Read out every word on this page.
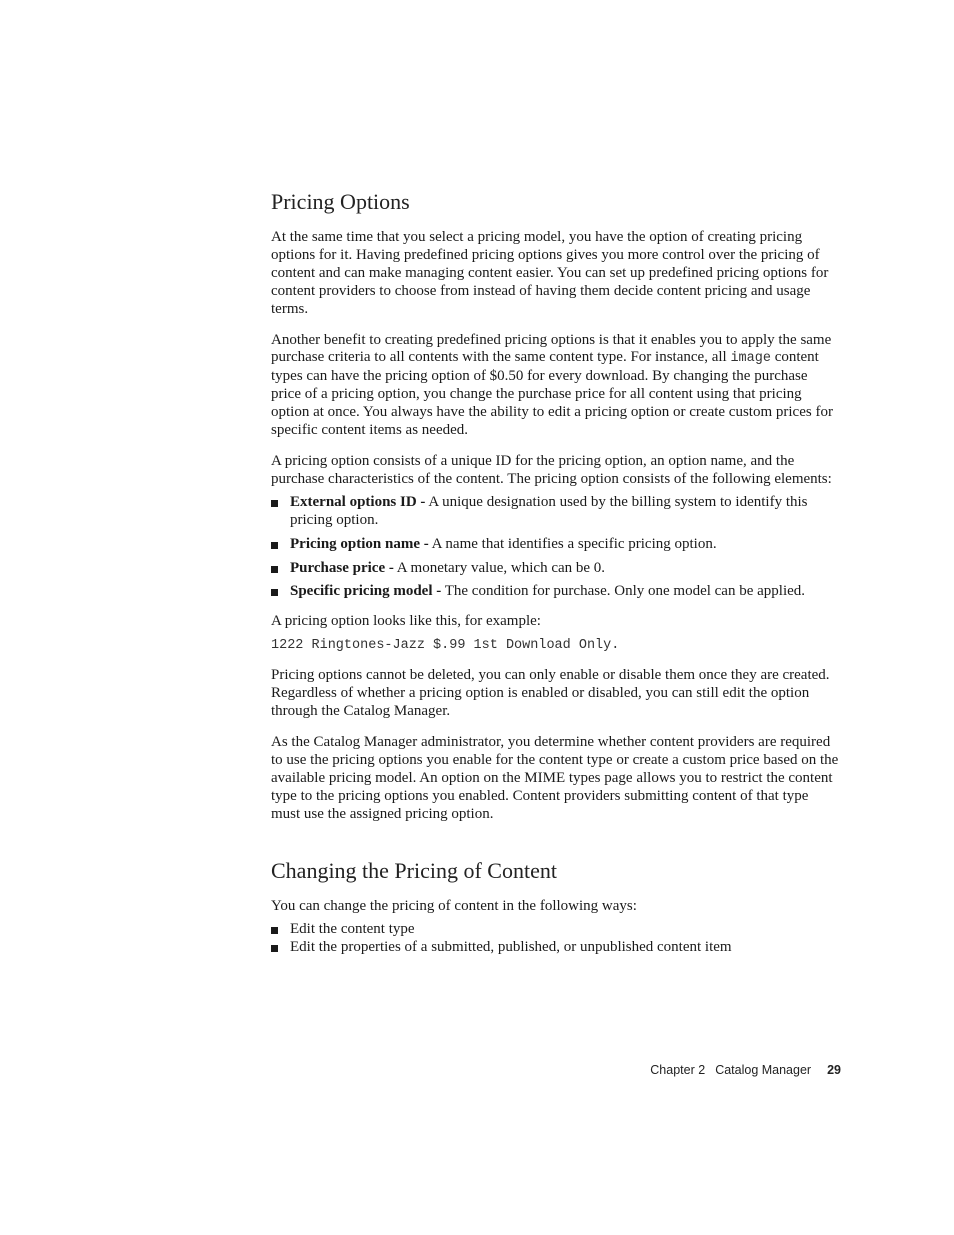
Pricing Options

At the same time that you select a pricing model, you have the option of creating pricing options for it. Having predefined pricing options gives you more control over the pricing of content and can make managing content easier. You can set up predefined pricing options for content providers to choose from instead of having them decide content pricing and usage terms.

Another benefit to creating predefined pricing options is that it enables you to apply the same purchase criteria to all contents with the same content type. For instance, all image content types can have the pricing option of $0.50 for every download. By changing the purchase price of a pricing option, you change the purchase price for all content using that pricing option at once. You always have the ability to edit a pricing option or create custom prices for specific content items as needed.

A pricing option consists of a unique ID for the pricing option, an option name, and the purchase characteristics of the content. The pricing option consists of the following elements:

External options ID - A unique designation used by the billing system to identify this pricing option.
Pricing option name - A name that identifies a specific pricing option.
Purchase price - A monetary value, which can be 0.
Specific pricing model - The condition for purchase. Only one model can be applied.

A pricing option looks like this, for example:

1222 Ringtones-Jazz $.99 1st Download Only.

Pricing options cannot be deleted, you can only enable or disable them once they are created. Regardless of whether a pricing option is enabled or disabled, you can still edit the option through the Catalog Manager.

As the Catalog Manager administrator, you determine whether content providers are required to use the pricing options you enable for the content type or create a custom price based on the available pricing model. An option on the MIME types page allows you to restrict the content type to the pricing options you enabled. Content providers submitting content of that type must use the assigned pricing option.

Changing the Pricing of Content

You can change the pricing of content in the following ways:

Edit the content type
Edit the properties of a submitted, published, or unpublished content item
Chapter 2 Catalog Manager 29
